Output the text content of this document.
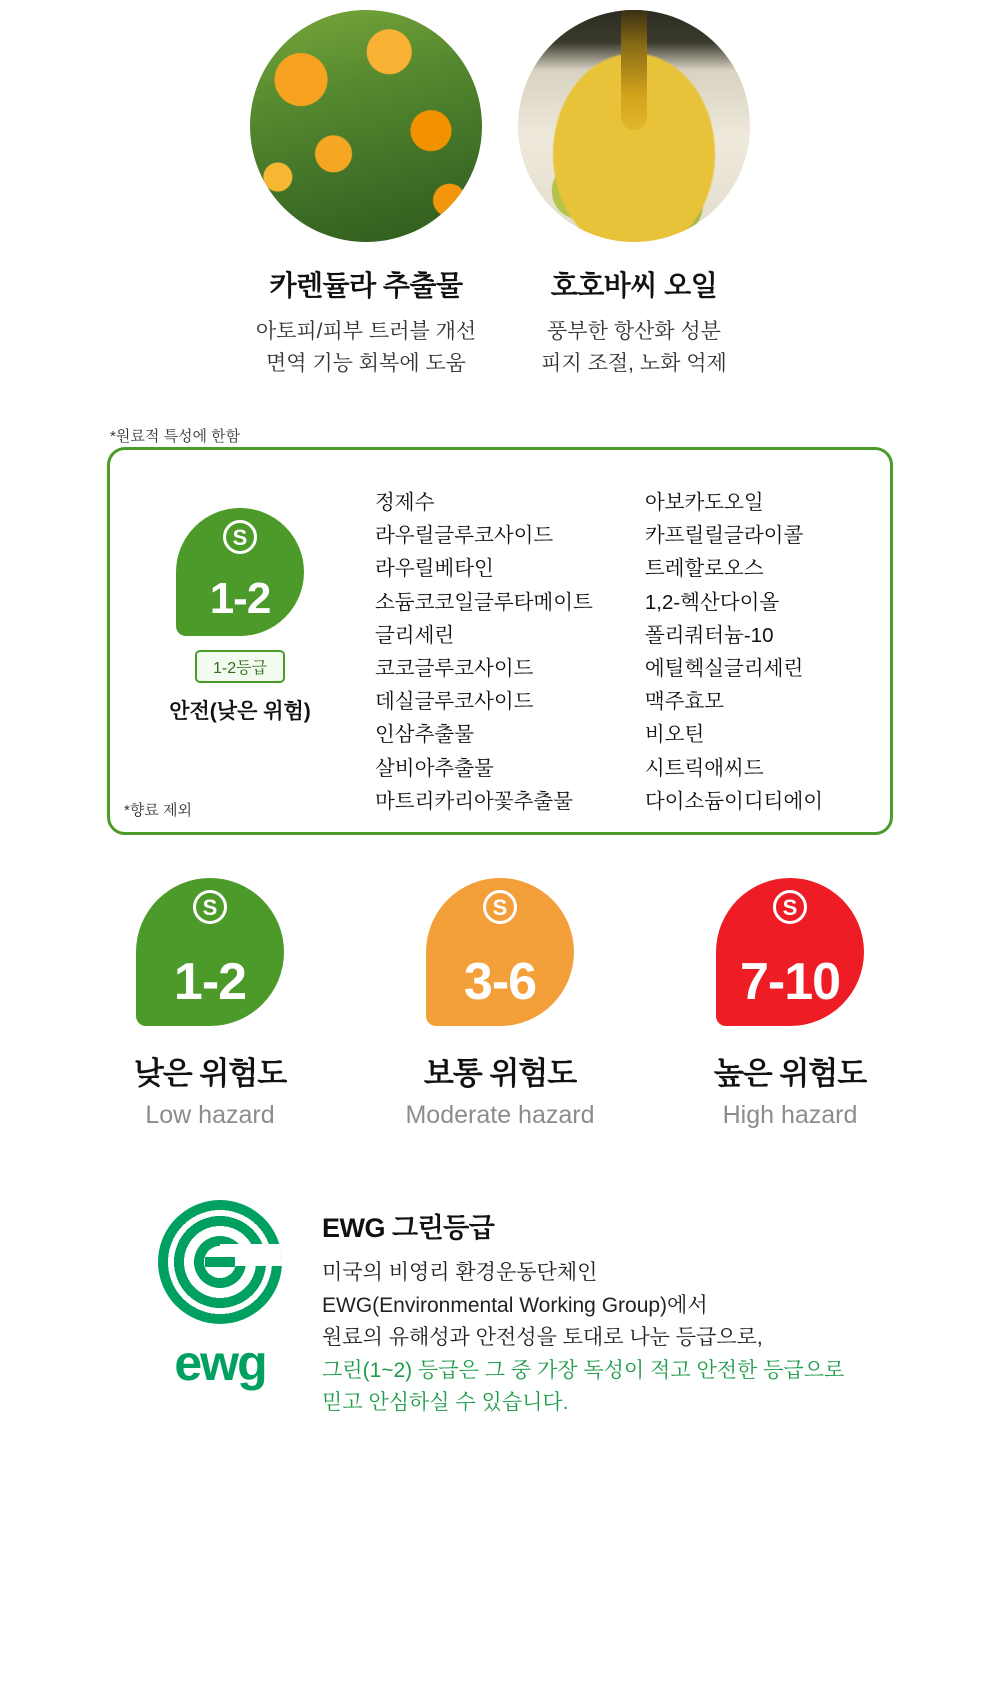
카렌듈라 추출물
아토피/피부 트러블 개선
면역 기능 회복에 도움
호호바씨 오일
풍부한 항산화 성분
피지 조절, 노화 억제
*원료적 특성에 한함
S
1-2
1-2등급
안전(낮은 위험)
정제수
라우릴글루코사이드
라우릴베타인
소듐코코일글루타메이트
글리세린
코코글루코사이드
데실글루코사이드
인삼추출물
살비아추출물
마트리카리아꽃추출물
아보카도오일
카프릴릴글라이콜
트레할로오스
1,2-헥산다이올
폴리쿼터늄-10
에틸헥실글리세린
맥주효모
비오틴
시트릭애씨드
다이소듐이디티에이
*향료 제외
S
1-2
낮은 위험도
Low hazard
S
3-6
보통 위험도
Moderate hazard
S
7-10
높은 위험도
High hazard
ewg
EWG 그린등급
미국의 비영리 환경운동단체인
EWG(Environmental Working Group)에서
원료의 유해성과 안전성을 토대로 나눈 등급으로,
그린(1~2) 등급은 그 중 가장 독성이 적고 안전한 등급으로
믿고 안심하실 수 있습니다.
